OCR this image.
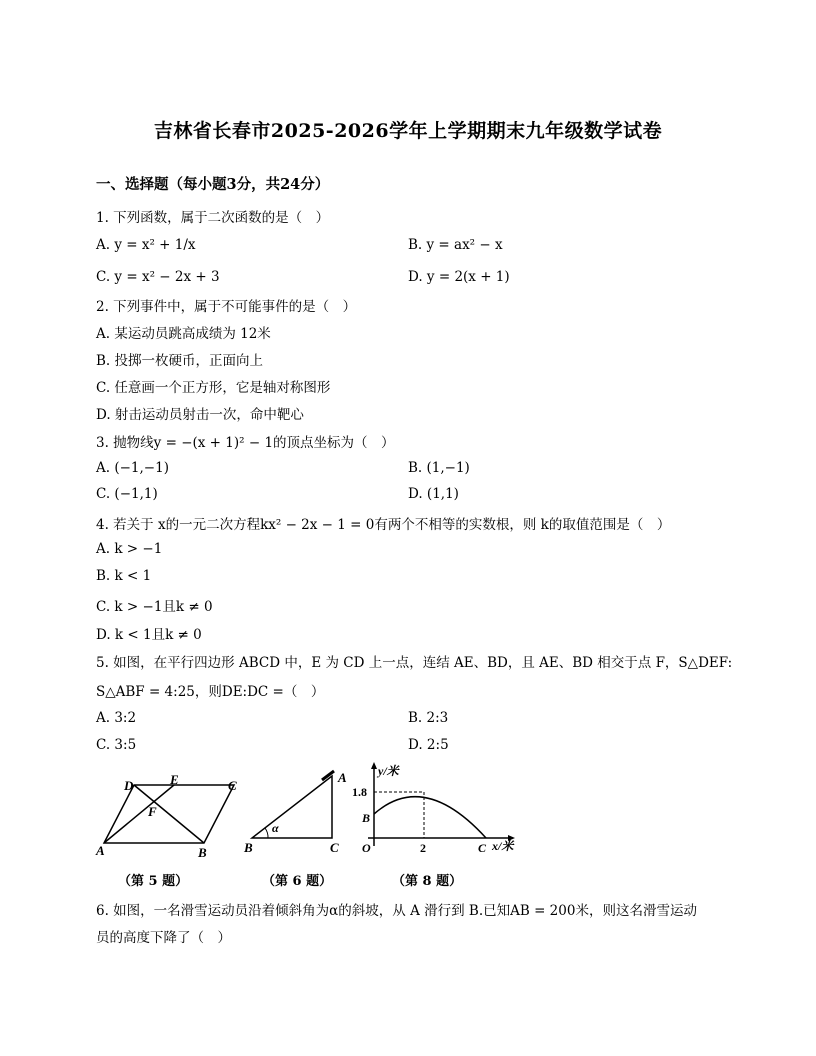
吉林省长春市2025-2026学年上学期期末九年级数学试卷
一、选择题（每小题3分，共24分）
1. 下列函数，属于二次函数的是（　）
A. y = x² + 1/x	B. y = ax² − x
C. y = x² − 2x + 3	D. y = 2(x + 1)
2. 下列事件中，属于不可能事件的是（　）
A. 某运动员跳高成绩为 12米
B. 投掷一枚硬币，正面向上
C. 任意画一个正方形，它是轴对称图形
D. 射击运动员射击一次，命中靶心
3. 抛物线y = −(x + 1)² − 1的顶点坐标为（　）
A. (−1,−1)	B. (1,−1)
C. (−1,1)	D. (1,1)
4. 若关于 x的一元二次方程kx² − 2x − 1 = 0有两个不相等的实数根，则 k的取值范围是（　）
A. k > −1
B. k < 1
C. k > −1且k ≠ 0
D. k < 1且k ≠ 0
5. 如图，在平行四边形 ABCD 中，E 为 CD 上一点，连结 AE、BD，且 AE、BD 相交于点 F，S△DEF:
S△ABF = 4:25，则DE:DC =（　）
A. 3:2	B. 2:3
C. 3:5	D. 2:5
D	E	C
F
A	B
（第 5 题）
α
A
B	C
（第 6 题）
y/米
1.8
B
O	2	C x/米
（第 8 题）
6. 如图，一名滑雪运动员沿着倾斜角为α的斜坡，从 A 滑行到 B.已知AB = 200米，则这名滑雪运动
员的高度下降了（　）
